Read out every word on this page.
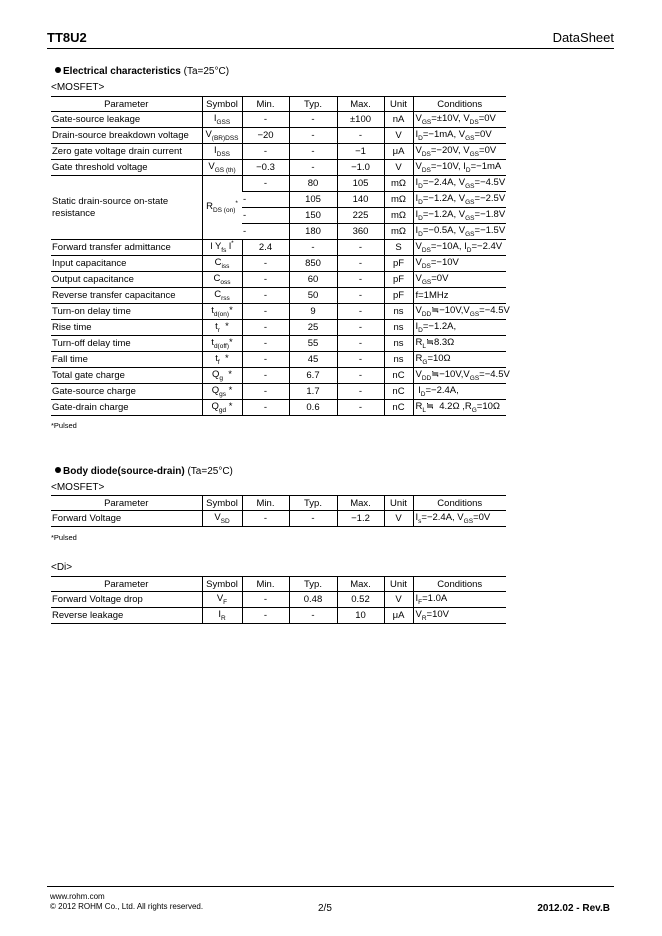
TT8U2	DataSheet
Electrical characteristics (Ta=25°C)
<MOSFET>
Parameter	Symbol	Min.	Typ.	Max.	Unit	Conditions
Gate-source leakage	$I_{GSS}$	-	-	±100	nA	$V_{GS}=\pm 10V$, $V_{DS}=0V$
Drain-source breakdown voltage	$V_{(BR)DSS}$	−20	-	-	V	$I_D=-1mA$, $V_{GS}=0V$
Zero gate voltage drain current	$I_{DSS}$	-	-	−1	μA	$V_{DS}=-20V$, $V_{GS}=0V$
Gate threshold voltage	$V_{GS (th)}$	−0.3	-	−1.0	V	$V_{DS}=-10V$, $I_D=-1mA$
Static drain-source on-state resistance	$R_{DS (on)}^*$	-	80	105	mΩ	$I_D=-2.4A$, $V_{GS}=-4.5V$
		-	105	140	mΩ	$I_D=-1.2A$, $V_{GS}=-2.5V$
		-	150	225	mΩ	$I_D=-1.2A$, $V_{GS}=-1.8V$
		-	180	360	mΩ	$I_D=-0.5A$, $V_{GS}=-1.5V$
Forward transfer admittance	l $Y_{fs}$ l*	2.4	-	-	S	$V_{DS}=-10A$, $I_D=-2.4V$
Input capacitance	$C_{iss}$	-	850	-	pF	$V_{DS}=-10V$
Output capacitance	$C_{oss}$	-	60	-	pF	$V_{GS}=0V$
Reverse transfer capacitance	$C_{rss}$	-	50	-	pF	f=1MHz
Turn-on delay time	$t_{d(on)}*$	-	9	-	ns	$V_{DD}≒-10V,V_{GS}=-4.5V$
Rise time	$t_r$  *	-	25	-	ns	$I_D=-1.2A$,
Turn-off delay time	$t_{d(off)}*$	-	55	-	ns	$R_L≒8.3\Omega$
Fall time	$t_f$  *	-	45	-	ns	$R_G=10\Omega$
Total gate charge	$Q_g$  *	-	6.7	-	nC	$V_{DD}≒-10V,V_{GS}=-4.5V$
Gate-source charge	$Q_{gs}$ *	-	1.7	-	nC	$I_D=-2.4A$,
Gate-drain charge	$Q_{gd}$ *	-	0.6	-	nC	$R_L≒$  4.2Ω $,R_G=10\Omega$
*Pulsed
Body diode(source-drain) (Ta=25°C)
<MOSFET>
Parameter	Symbol	Min.	Typ.	Max.	Unit	Conditions
Forward Voltage	$V_{SD}$	-	-	−1.2	V	$I_s=-2.4A$, $V_{GS}=0V$
*Pulsed
<Di>
Parameter	Symbol	Min.	Typ.	Max.	Unit	Conditions
Forward Voltage drop	$V_F$	-	0.48	0.52	V	$I_F=1.0A$
Reverse leakage	$I_R$	-	-	10	μA	$V_R=10V$
www.rohm.com
© 2012 ROHM Co., Ltd. All rights reserved.	2/5	2012.02 - Rev.B
